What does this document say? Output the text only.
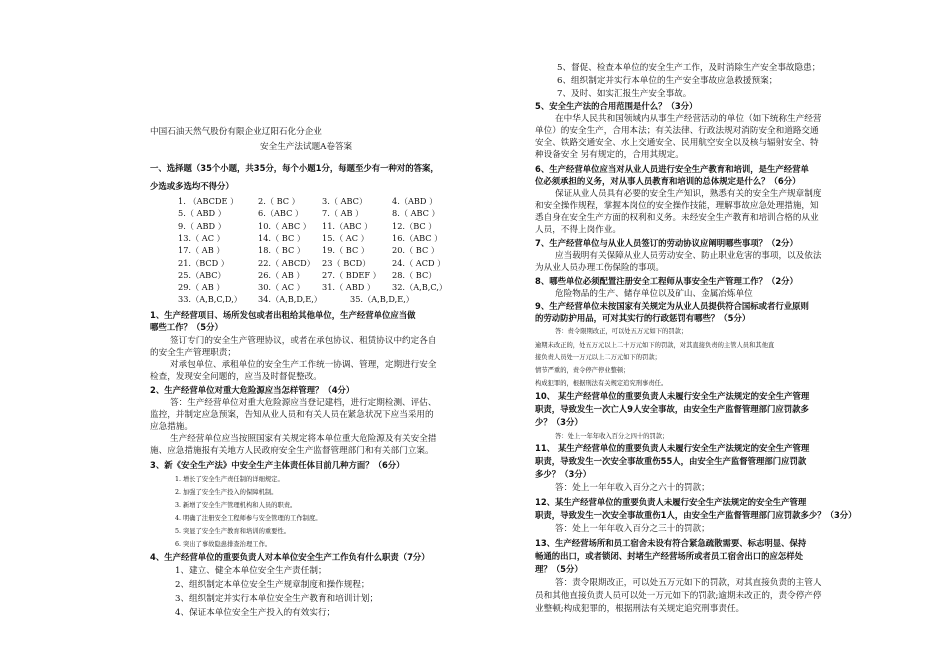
中国石油天然气股份有限企业辽阳石化分企业
安全生产法试题A卷答案
一、选择题（35个小题，共35分，每个小题1分，每题至少有一种对的答案，
少选或多选均不得分）
1. （ABCDE ） 2.（ BC ）	3.（ ABC）	4.（ABD ）
5.（ ABD ）	6.（ABC ） 7.（ AB ）	8.（ ABC ）
9.（ ABD ）	10.（ ABC ） 11.（ABC ） 12.（BC ）
13.（ AC ）	14.（ BC ） 15.（ AC ）	16.（ABC ）
17.（ AB ）	18.（ BC ） 19.（ BC ）	20.（ BC ）
21.（BCD ）	22.（ ABCD） 23（ BCD）	24.（ ACD ）
25.（ABC）	26.（ AB ） 27.（ BDEF ） 28.（ BC）
29.（ AB ）	30.（ AC ） 31.（ ABD ） 32.（A,B,C,）
33.（A,B,C,D,） 34.（A,B,D,E,）	35.（A,B,D,E,）
1、生产经营项目、场所发包或者出租给其他单位，生产经营单位应当做
哪些工作？（5分）
签订专门的安全生产管理协议，或者在承包协议、租赁协议中约定各自
的安全生产管理职责；
对承包单位、承租单位的安全生产工作统一协调、管理，定期进行安全
检查，发现安全问题的，应当及时督促整改。
2、生产经营单位对重大危险源应当怎样管理？（4分）
答：生产经营单位对重大危险源应当登记建档，进行定期检测、评估、
监控，并制定应急预案，告知从业人员和有关人员在紧急状况下应当采用的
应急措施。
生产经营单位应当按照国家有关规定将本单位重大危险源及有关安全措
施、应急措施报有关地方人民政府安全生产监督管理部门和有关部门立案。
3、新《安全生产法》中安全生产主体责任体目前几种方面？（6分）
1. 增长了安全生产责任制的详细规定。
2. 加强了安全生产投入的保障机制。
3. 新增了安全生产管理机构和人员的职责。
4. 明确了注册安全工程师参与安全管理的工作制度。
5. 突显了安全生产教育和培训的重要性。
6. 突出了事故隐患排查治理工作。
4、生产经营单位的重要负责人对本单位安全生产工作负有什么职责（7分）
1、建立、健全本单位安全生产责任制；
2、组织制定本单位安全生产规章制度和操作规程；
3、组织制定并实行本单位安全生产教育和培训计划；
4、保证本单位安全生产投入的有效实行；
5、督促、检查本单位的安全生产工作，及时消除生产安全事故隐患；
6、组织制定并实行本单位的生产安全事故应急救援预案；
7、及时、如实汇报生产安全事故。
5、安全生产法的合用范围是什么？（3分）
在中华人民共和国领域内从事生产经营活动的单位（如下统称生产经营
单位）的安全生产，合用本法；有关法律、行政法规对消防安全和道路交通
安全、铁路交通安全、水上交通安全、民用航空安全以及核与辐射安全、特
种设备安全 另有规定的，合用其规定。
6、生产经营单位应当对从业人员进行安全生产教育和培训，是生产经营单
位必须承担的义务，对从事人员教育和培训的总体规定是什么？（6分）
保证从业人员具有必要的安全生产知识，熟悉有关的安全生产规章制度
和安全操作规程，掌握本岗位的安全操作技能，理解事故应急处理措施，知
悉自身在安全生产方面的权利和义务。未经安全生产教育和培训合格的从业
人员，不得上岗作业。
7、生产经营单位与从业人员签订的劳动协议应阐明哪些事项？（2分）
应当载明有关保障从业人员劳动安全、防止职业危害的事项，以及依法
为从业人员办理工伤保险的事项。
8、哪些单位必须配置注册安全工程师从事安全生产管理工作？（2分）
危险物品的生产、储存单位以及矿山、金属冶炼单位
9、生产经营单位未按国家有关规定为从业人员提供符合国标或者行业原则
的劳动防护用品，可对其实行的行政惩罚有哪些？（5分）
答：责令限期改正，可以处五万元如下的罚款；
逾期未改正的，处五万元以上二十万元如下的罚款，对其直接负责的主管人员和其他直
接负责人员处一万元以上二万元如下的罚款；
情节严重的，责令停产停业整顿；
构成犯罪的，根据刑法有关规定追究刑事责任。
10、 某生产经营单位的重要负责人未履行安全生产法规定的安全生产管理
职责，导致发生一次亡人9人安全事故，由安全生产监督管理部门应罚款多
少？（3分）
答：处上一年年收入百分之四十的罚款；
11、 某生产经营单位的重要负责人未履行安全生产法规定的安全生产管理
职责，导致发生一次安全事故重伤55人，由安全生产监督管理部门应罚款
多少？（3分）
答：处上一年年收入百分之六十的罚款；
12、某生产经营单位的重要负责人未履行安全生产法规定的安全生产管理
职责，导致发生一次安全事故重伤1人，由安全生产监督管理部门应罚款多少？（3分）
答：处上一年年收入百分之三十的罚款；
13、生产经营场所和员工宿舍未设有符合紧急疏散需要、标志明显、保持
畅通的出口，或者锁闭、封堵生产经营场所或者员工宿舍出口的应怎样处
理？（5分）
答：责令限期改正，可以处五万元如下的罚款，对其直接负责的主管人
员和其他直接负责人员可以处一万元如下的罚款;逾期未改正的，责令停产停
业整顿;构成犯罪的，根据刑法有关规定追究刑事责任。
